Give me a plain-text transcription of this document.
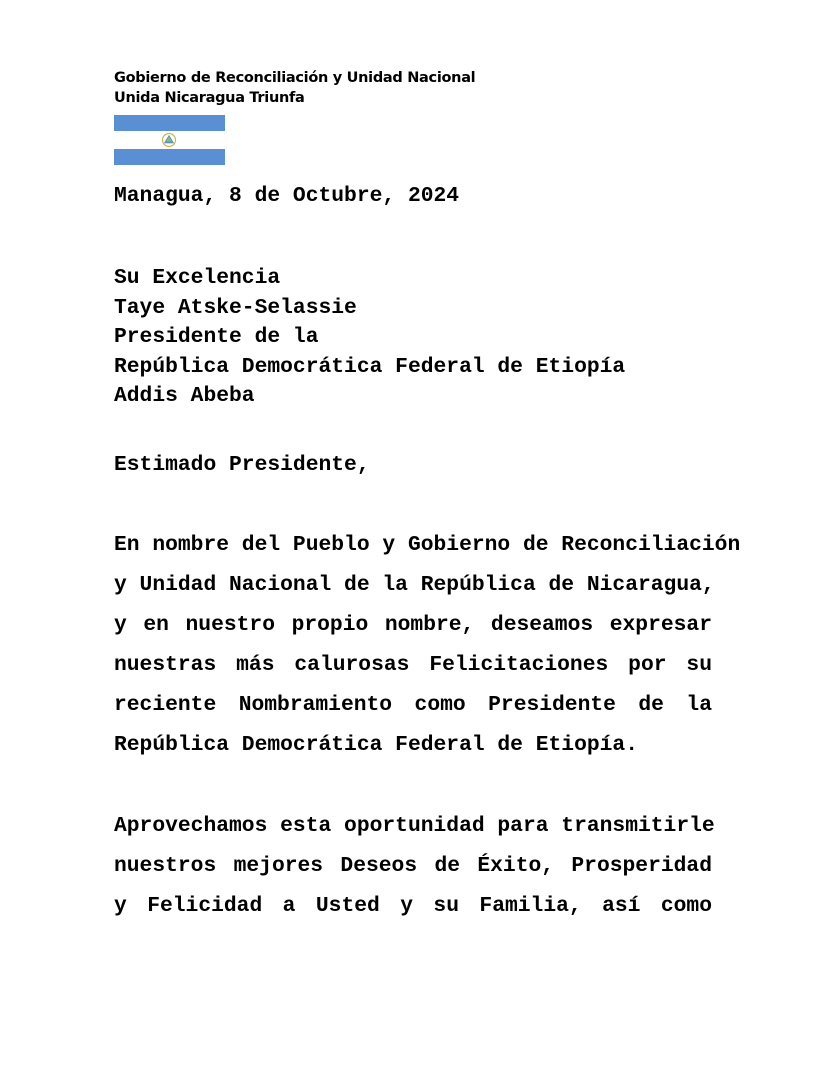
Gobierno de Reconciliación y Unidad Nacional
Unida Nicaragua Triunfa
Managua, 8 de Octubre, 2024
Su Excelencia
Taye Atske-Selassie
Presidente de la
República Democrática Federal de Etiopía
Addis Abeba
Estimado Presidente,
En nombre del Pueblo y Gobierno de Reconciliación
y Unidad Nacional de la República de Nicaragua,
y en nuestro propio nombre, deseamos expresar
nuestras más calurosas Felicitaciones por su
reciente Nombramiento como Presidente de la
República Democrática Federal de Etiopía.
Aprovechamos esta oportunidad para transmitirle
nuestros mejores Deseos de Éxito, Prosperidad
y Felicidad a Usted y su Familia, así como
